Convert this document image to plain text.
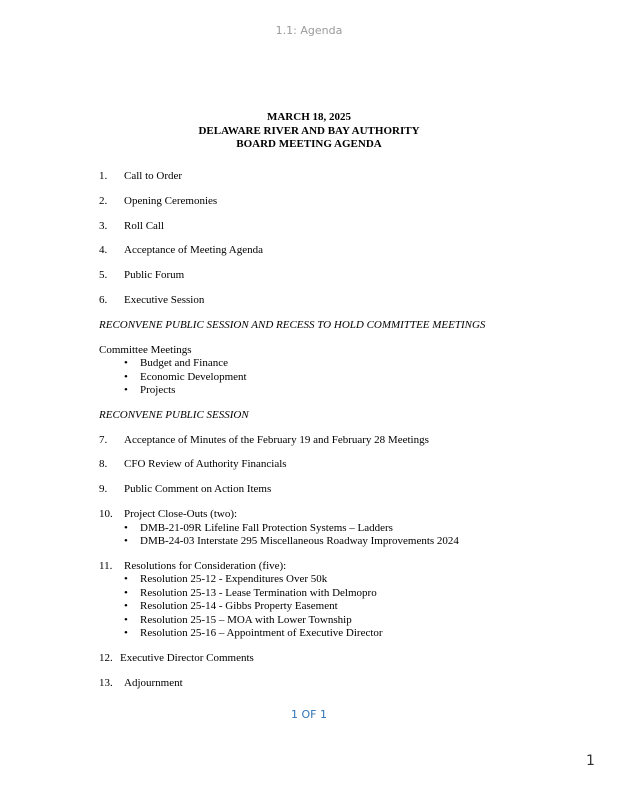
1.1: Agenda
MARCH 18, 2025
DELAWARE RIVER AND BAY AUTHORITY
BOARD MEETING AGENDA
1. Call to Order
2. Opening Ceremonies
3. Roll Call
4. Acceptance of Meeting Agenda
5. Public Forum
6. Executive Session

RECONVENE PUBLIC SESSION AND RECESS TO HOLD COMMITTEE MEETINGS

Committee Meetings

• Budget and Finance
• Economic Development
• Projects

RECONVENE PUBLIC SESSION

7. Acceptance of Minutes of the February 19 and February 28 Meetings
8. CFO Review of Authority Financials
9. Public Comment on Action Items
10. Project Close-Outs (two):
• DMB-21-09R Lifeline Fall Protection Systems – Ladders
• DMB-24-03 Interstate 295 Miscellaneous Roadway Improvements 2024
11. Resolutions for Consideration (five):
• Resolution 25-12 - Expenditures Over 50k
• Resolution 25-13 - Lease Termination with Delmopro
• Resolution 25-14 - Gibbs Property Easement
• Resolution 25-15 – MOA with Lower Township
• Resolution 25-16 – Appointment of Executive Director
12. Executive Director Comments
13. Adjournment
1 OF 1
1
